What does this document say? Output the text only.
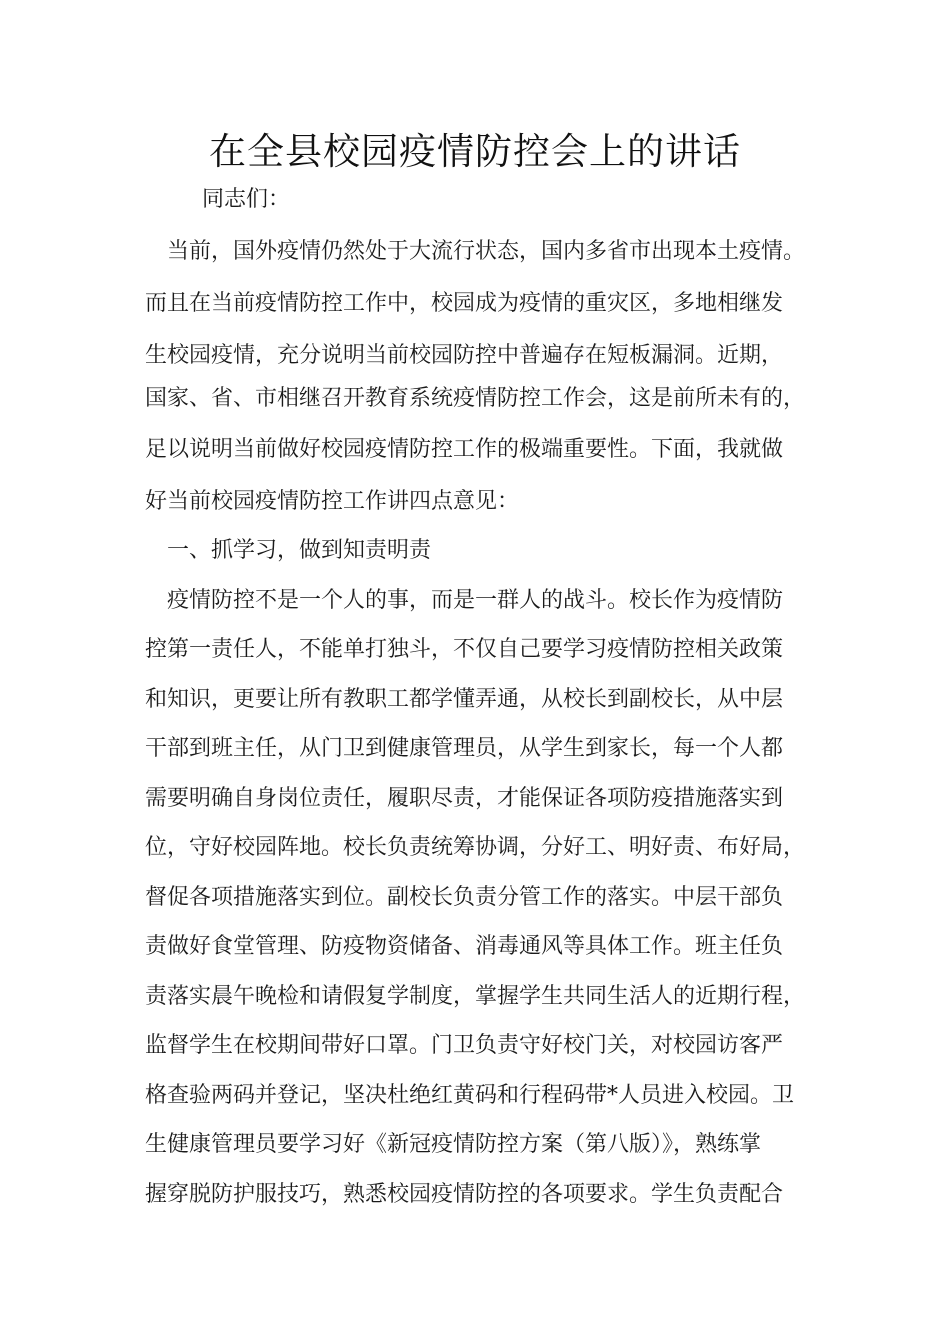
在全县校园疫情防控会上的讲话
同志们：
当前，国外疫情仍然处于大流行状态，国内多省市出现本土疫情。
而且在当前疫情防控工作中，校园成为疫情的重灾区，多地相继发
生校园疫情，充分说明当前校园防控中普遍存在短板漏洞。近期，
国家、省、市相继召开教育系统疫情防控工作会，这是前所未有的，
足以说明当前做好校园疫情防控工作的极端重要性。下面，我就做
好当前校园疫情防控工作讲四点意见：
一、抓学习，做到知责明责
疫情防控不是一个人的事，而是一群人的战斗。校长作为疫情防
控第一责任人，不能单打独斗，不仅自己要学习疫情防控相关政策
和知识，更要让所有教职工都学懂弄通，从校长到副校长，从中层
干部到班主任，从门卫到健康管理员，从学生到家长，每一个人都
需要明确自身岗位责任，履职尽责，才能保证各项防疫措施落实到
位，守好校园阵地。校长负责统筹协调，分好工、明好责、布好局，
督促各项措施落实到位。副校长负责分管工作的落实。中层干部负
责做好食堂管理、防疫物资储备、消毒通风等具体工作。班主任负
责落实晨午晚检和请假复学制度，掌握学生共同生活人的近期行程，
监督学生在校期间带好口罩。门卫负责守好校门关，对校园访客严
格查验两码并登记，坚决杜绝红黄码和行程码带*人员进入校园。卫
生健康管理员要学习好《新冠疫情防控方案（第八版）》，熟练掌
握穿脱防护服技巧，熟悉校园疫情防控的各项要求。学生负责配合
